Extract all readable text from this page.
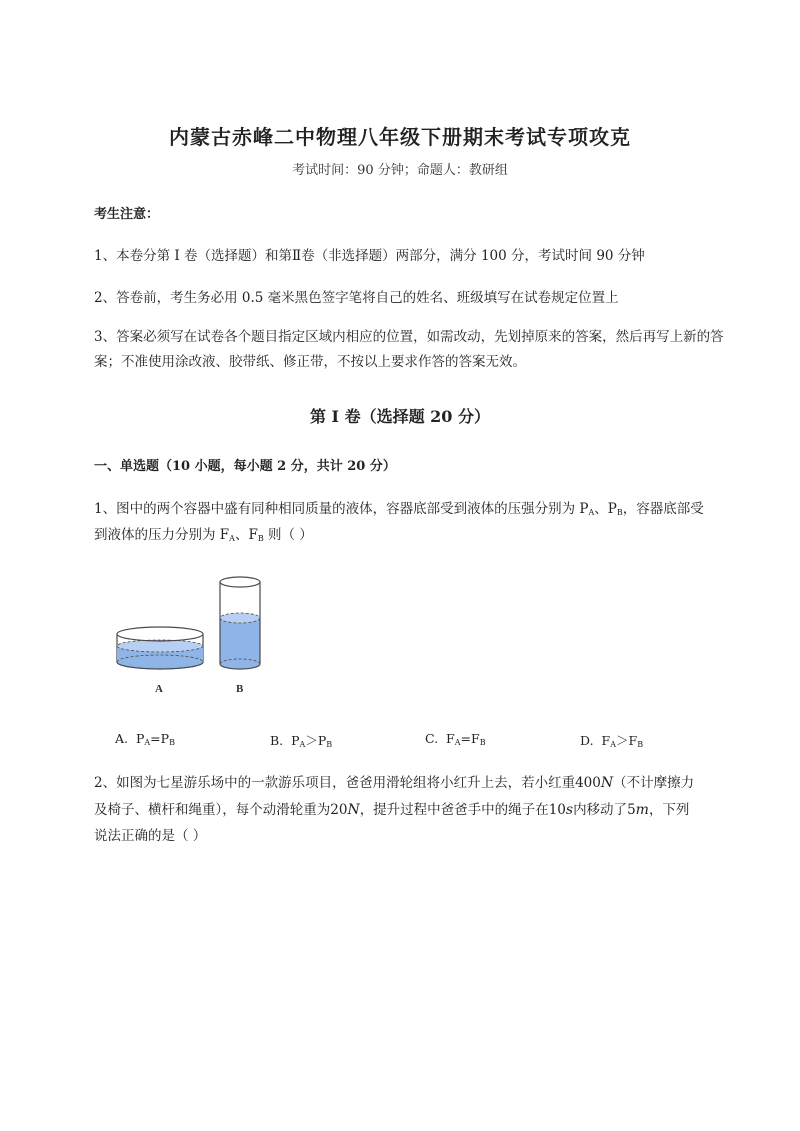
内蒙古赤峰二中物理八年级下册期末考试专项攻克
考试时间：90 分钟；命题人：教研组
考生注意：
1、本卷分第 I 卷（选择题）和第Ⅱ卷（非选择题）两部分，满分 100 分，考试时间 90 分钟
2、答卷前，考生务必用 0.5 毫米黑色签字笔将自己的姓名、班级填写在试卷规定位置上
3、答案必须写在试卷各个题目指定区域内相应的位置，如需改动，先划掉原来的答案，然后再写上新的答案；不准使用涂改液、胶带纸、修正带，不按以上要求作答的答案无效。
第 I 卷（选择题 20 分）
一、单选题（10 小题，每小题 2 分，共计 20 分）
1、图中的两个容器中盛有同种相同质量的液体，容器底部受到液体的压强分别为 $P_A$、$P_B$，容器底部受
到液体的压力分别为 $F_A$、$F_B$ 则（ ）
A	B
A. $P_A=P_B$	B. $P_A>P_B$	C. $F_A=F_B$	D. $F_A>F_B$
2、如图为七星游乐场中的一款游乐项目，爸爸用滑轮组将小红升上去，若小红重400N（不计摩擦力
及椅子、横杆和绳重），每个动滑轮重为20N，提升过程中爸爸手中的绳子在10s内移动了5m，下列
说法正确的是（ ）
